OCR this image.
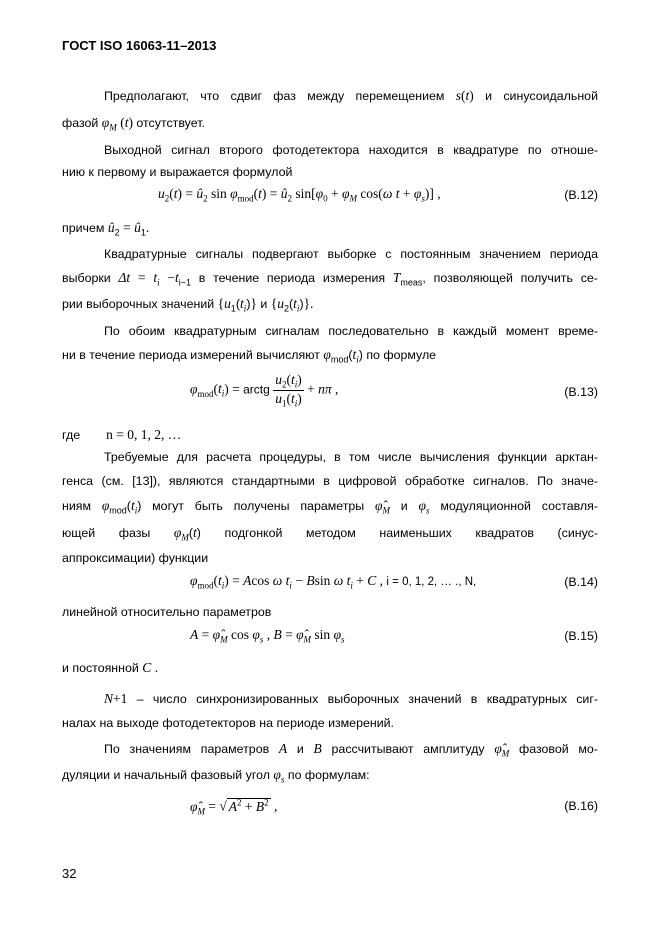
ГОСТ ISO 16063-11–2013
Предполагают, что сдвиг фаз между перемещением s(t) и синусоидальной
фазой $\varphi_M$ (t) отсутствует.
Выходной сигнал второго фотодетектора находится в квадратуре по отноше-
нию к первому и выражается формулой
$u_2(t)$ = $û_2$ $\sin \varphi_{mod}(t)$ = $û_2$ $\sin[\varphi_0 + \varphi_M$ cos(ω $t + \varphi_s$)] ,	(B.12)
причем $û_2$ = $û_1$.
Квадратурные сигналы подвергают выборке с постоянным значением периода
выборки $\Delta t = t_i -t_{i-1}$ в течение периода измерения $T_{meas}$, позволяющей получить се-
рии выборочных значений $\{u_1(t_i)\}$ и $\{u_2(t_i)\}$.
По обоим квадратурным сигналам последовательно в каждый момент време-
ни в течение периода измерений вычисляют $\varphi_{mod}(t_i)$ по формуле
$\varphi_{mod}(t_i)$ = arctg $\frac{u_2(t_i)}{u_1(t_i)} + n\pi$ ,	(B.13)
где n = 0, 1, 2, …
Требуемые для расчета процедуры, в том числе вычисления функции арктан-
генса (см. [13]), являются стандартными в цифровой обработке сигналов. По значе-
ниям $\varphi_{mod}(t_i)$ могут быть получены параметры $\varphî_M$ и $\varphi_s$ модуляционной составля-
ющей фазы $\varphi_M(t)$ подгонкой методом наименьших квадратов (синус-
аппроксимации) функции
$\varphi_{mod}(t_i) = Acos$ ω $t_i - Bsin$ ω $t_i + C$ , i = 0, 1, 2, … ., N,	(B.14)
линейной относительно параметров
$A = \varphî_M$ $\cos \varphi_s$ , $B = \varphî_M$ $\sin \varphi_s$	(B.15)
и постоянной C .
N+1 – число синхронизированных выборочных значений в квадратурных сиг-
налах на выходе фотодетекторов на периоде измерений.
По значениям параметров A и B рассчитывают амплитуду $\varphî_M$ фазовой мо-
дуляции и начальный фазовый угол $\varphi_s$ по формулам:
$\varphî_M$ = √ $A^2 + B^2$ ,	(B.16)
32
